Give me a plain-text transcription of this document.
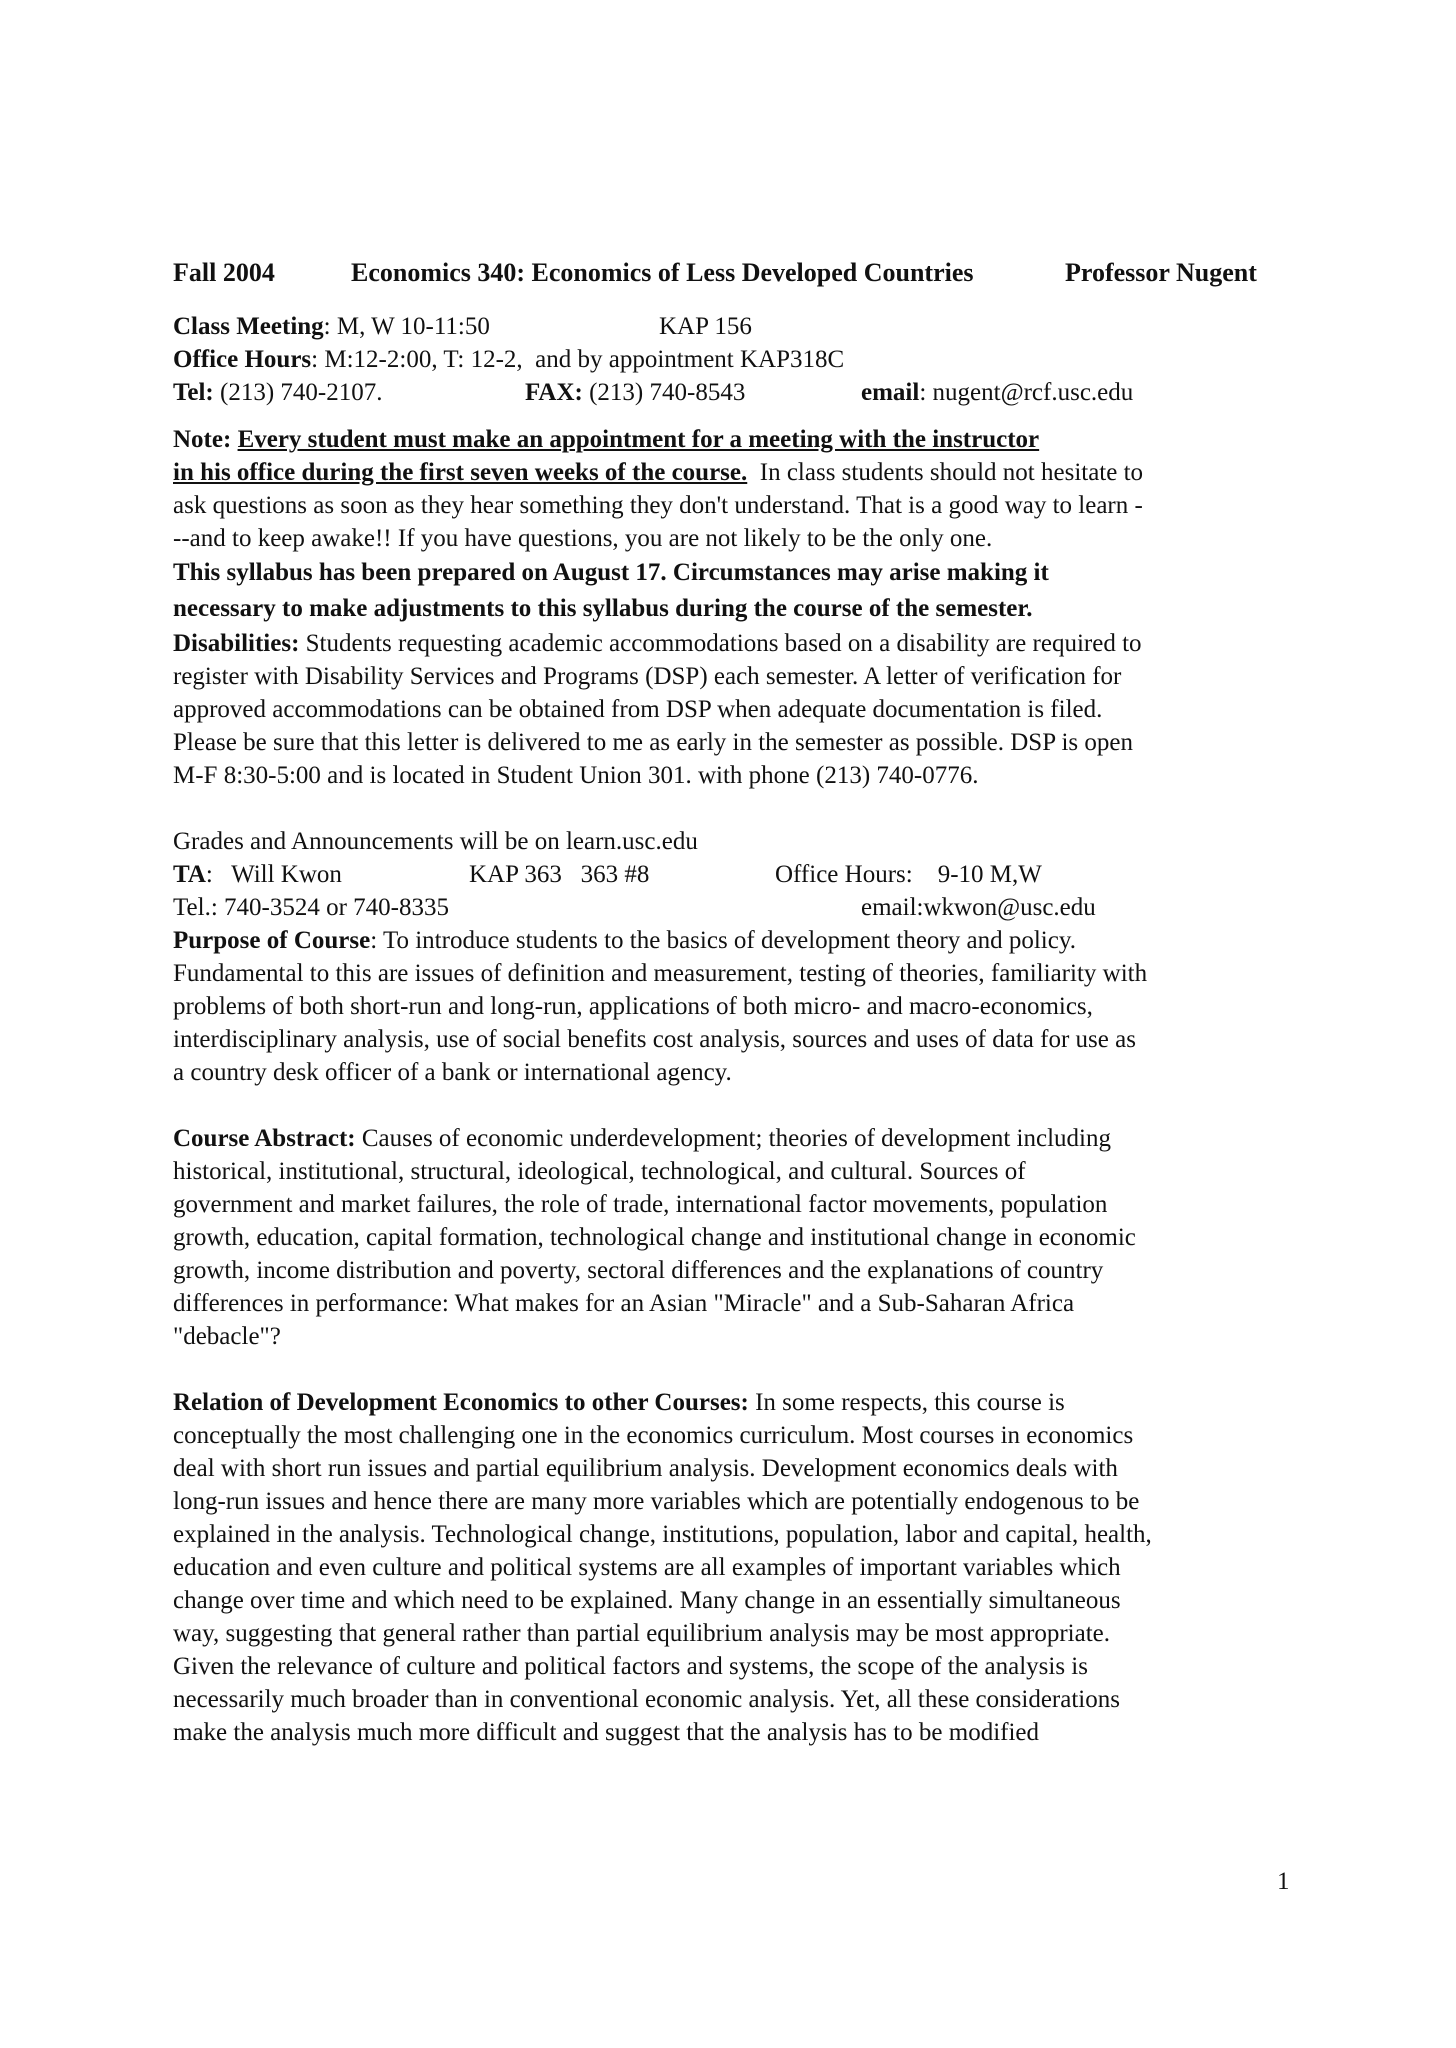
Fall 2004	Economics 340: Economics of Less Developed Countries	Professor Nugent
Class Meeting: M, W 10-11:50	KAP 156
Office Hours: M:12-2:00, T: 12-2,  and by appointment KAP318C
Tel: (213) 740-2107.	FAX: (213) 740-8543	email: nugent@rcf.usc.edu
Note: Every student must make an appointment for a meeting with the instructor
in his office during the first seven weeks of the course.  In class students should not hesitate to
ask questions as soon as they hear something they don't understand. That is a good way to learn -
--and to keep awake!! If you have questions, you are not likely to be the only one.
This syllabus has been prepared on August 17. Circumstances may arise making it
necessary to make adjustments to this syllabus during the course of the semester.
Disabilities: Students requesting academic accommodations based on a disability are required to
register with Disability Services and Programs (DSP) each semester. A letter of verification for
approved accommodations can be obtained from DSP when adequate documentation is filed.
Please be sure that this letter is delivered to me as early in the semester as possible. DSP is open
M-F 8:30-5:00 and is located in Student Union 301. with phone (213) 740-0776.
Grades and Announcements will be on learn.usc.edu
TA:   Will Kwon	KAP 363   363 #8	Office Hours:    9-10 M,W
Tel.: 740-3524 or 740-8335	email:wkwon@usc.edu
Purpose of Course: To introduce students to the basics of development theory and policy.
Fundamental to this are issues of definition and measurement, testing of theories, familiarity with
problems of both short-run and long-run, applications of both micro- and macro-economics,
interdisciplinary analysis, use of social benefits cost analysis, sources and uses of data for use as
a country desk officer of a bank or international agency.
Course Abstract: Causes of economic underdevelopment; theories of development including
historical, institutional, structural, ideological, technological, and cultural. Sources of
government and market failures, the role of trade, international factor movements, population
growth, education, capital formation, technological change and institutional change in economic
growth, income distribution and poverty, sectoral differences and the explanations of country
differences in performance: What makes for an Asian "Miracle" and a Sub-Saharan Africa
"debacle"?
Relation of Development Economics to other Courses: In some respects, this course is
conceptually the most challenging one in the economics curriculum. Most courses in economics
deal with short run issues and partial equilibrium analysis. Development economics deals with
long-run issues and hence there are many more variables which are potentially endogenous to be
explained in the analysis. Technological change, institutions, population, labor and capital, health,
education and even culture and political systems are all examples of important variables which
change over time and which need to be explained. Many change in an essentially simultaneous
way, suggesting that general rather than partial equilibrium analysis may be most appropriate.
Given the relevance of culture and political factors and systems, the scope of the analysis is
necessarily much broader than in conventional economic analysis. Yet, all these considerations
make the analysis much more difficult and suggest that the analysis has to be modified
1
